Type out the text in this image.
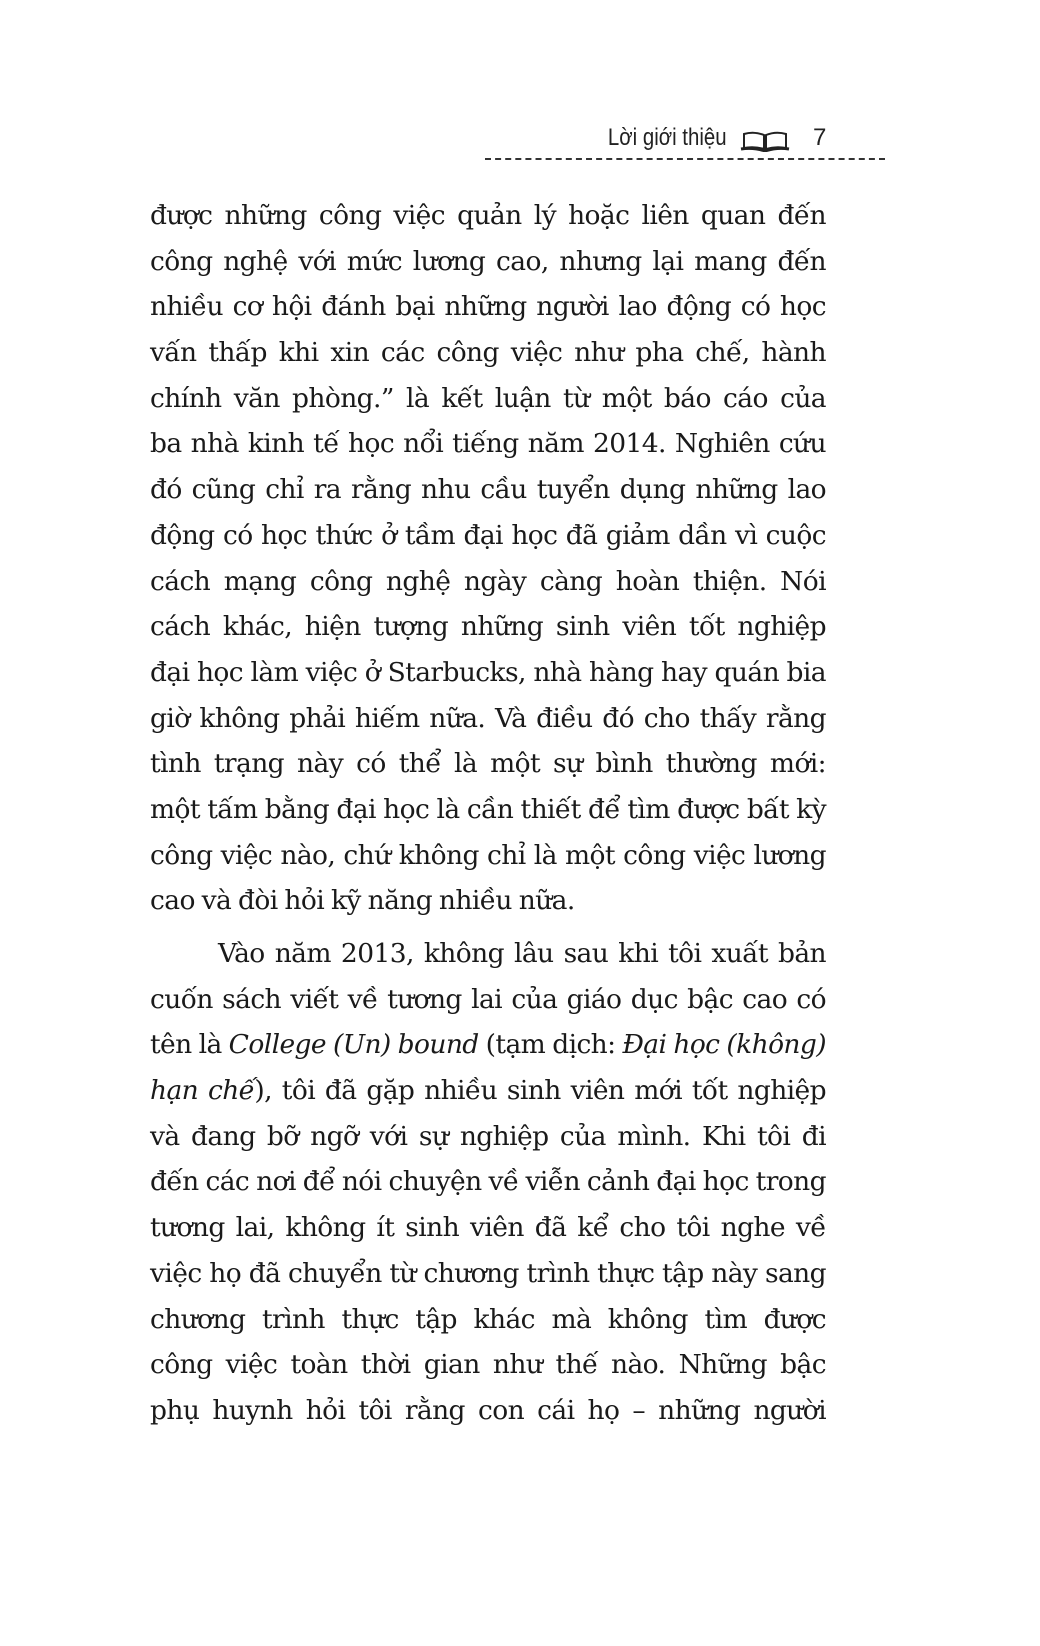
Lời giới thiệu	7
được những công việc quản lý hoặc liên quan đến
công nghệ với mức lương cao, nhưng lại mang đến
nhiều cơ hội đánh bại những người lao động có học
vấn thấp khi xin các công việc như pha chế, hành
chính văn phòng.” là kết luận từ một báo cáo của
ba nhà kinh tế học nổi tiếng năm 2014. Nghiên cứu
đó cũng chỉ ra rằng nhu cầu tuyển dụng những lao
động có học thức ở tầm đại học đã giảm dần vì cuộc
cách mạng công nghệ ngày càng hoàn thiện. Nói
cách khác, hiện tượng những sinh viên tốt nghiệp
đại học làm việc ở Starbucks, nhà hàng hay quán bia
giờ không phải hiếm nữa. Và điều đó cho thấy rằng
tình trạng này có thể là một sự bình thường mới:
một tấm bằng đại học là cần thiết để tìm được bất kỳ
công việc nào, chứ không chỉ là một công việc lương
cao và đòi hỏi kỹ năng nhiều nữa.
Vào năm 2013, không lâu sau khi tôi xuất bản
cuốn sách viết về tương lai của giáo dục bậc cao có
tên là College (Un) bound (tạm dịch: Đại học (không)
hạn chế), tôi đã gặp nhiều sinh viên mới tốt nghiệp
và đang bỡ ngỡ với sự nghiệp của mình. Khi tôi đi
đến các nơi để nói chuyện về viễn cảnh đại học trong
tương lai, không ít sinh viên đã kể cho tôi nghe về
việc họ đã chuyển từ chương trình thực tập này sang
chương trình thực tập khác mà không tìm được
công việc toàn thời gian như thế nào. Những bậc
phụ huynh hỏi tôi rằng con cái họ – những người
